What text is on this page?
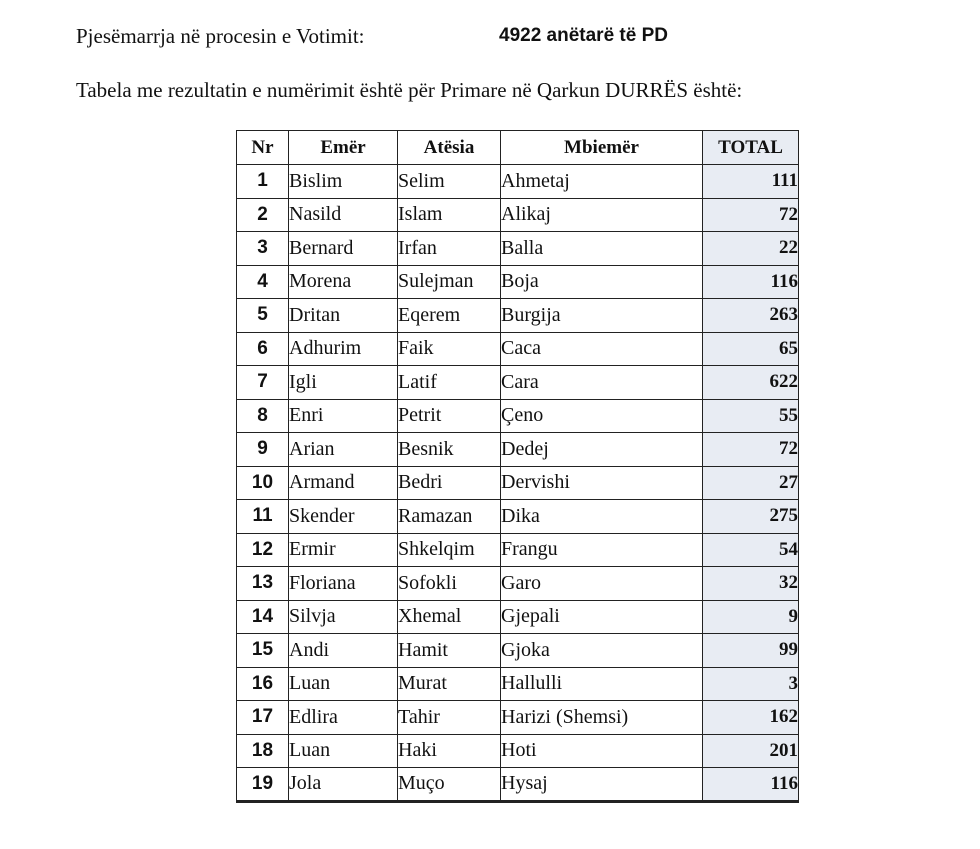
Pjesëmarrja në procesin e Votimit:	4922 anëtarë të PD
Tabela me rezultatin e numërimit është për Primare në Qarkun DURRËS është:
Nr	Emër	Atësia	Mbiemër	TOTAL
1	Bislim	Selim	Ahmetaj	111
2	Nasild	Islam	Alikaj	72
3	Bernard	Irfan	Balla	22
4	Morena	Sulejman	Boja	116
5	Dritan	Eqerem	Burgija	263
6	Adhurim	Faik	Caca	65
7	Igli	Latif	Cara	622
8	Enri	Petrit	Çeno	55
9	Arian	Besnik	Dedej	72
10	Armand	Bedri	Dervishi	27
11	Skender	Ramazan	Dika	275
12	Ermir	Shkelqim	Frangu	54
13	Floriana	Sofokli	Garo	32
14	Silvja	Xhemal	Gjepali	9
15	Andi	Hamit	Gjoka	99
16	Luan	Murat	Hallulli	3
17	Edlira	Tahir	Harizi (Shemsi)	162
18	Luan	Haki	Hoti	201
19	Jola	Muço	Hysaj	116
